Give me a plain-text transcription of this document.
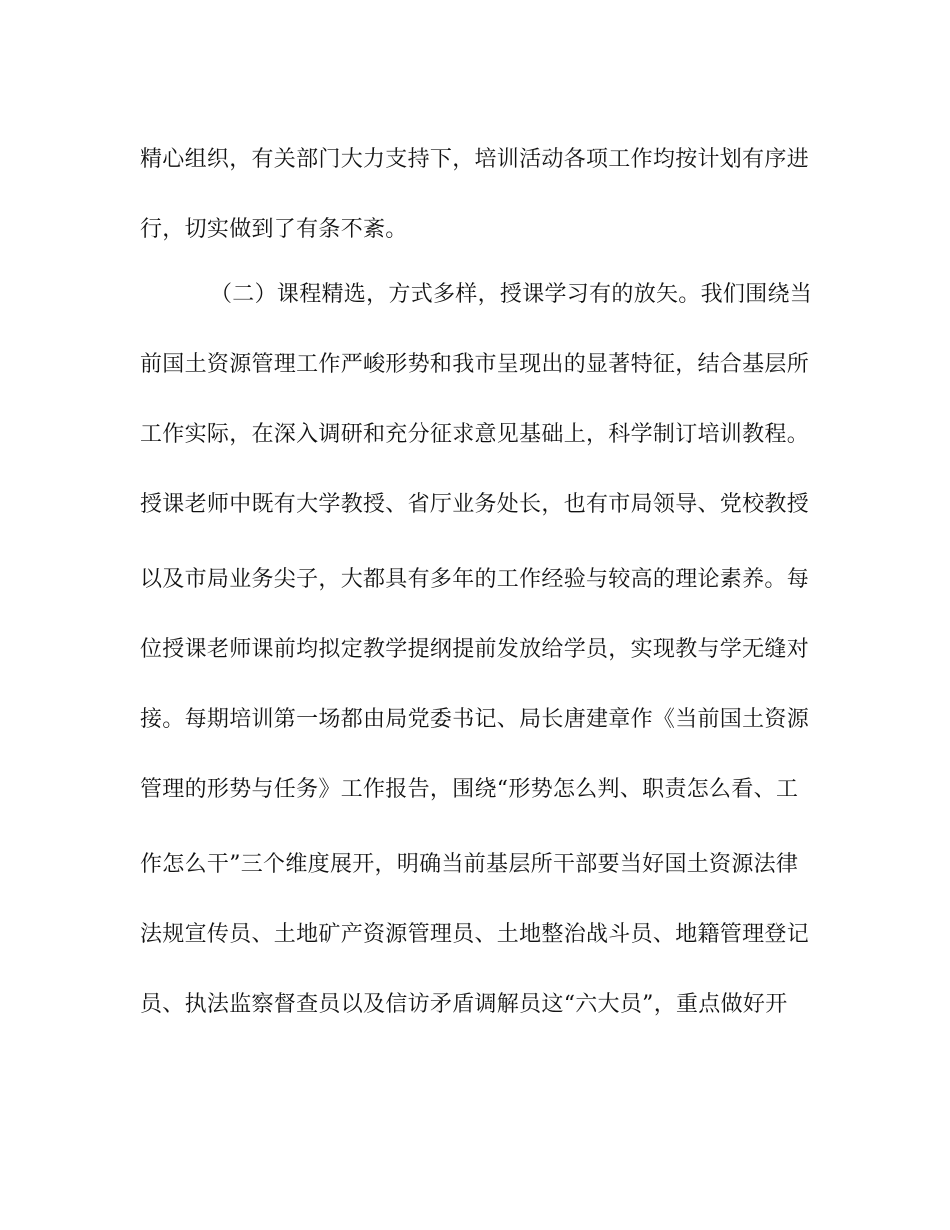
精心组织，有关部门大力支持下，培训活动各项工作均按计划有序进
行，切实做到了有条不紊。
（二）课程精选，方式多样，授课学习有的放矢。我们围绕当
前国土资源管理工作严峻形势和我市呈现出的显著特征，结合基层所
工作实际，在深入调研和充分征求意见基础上，科学制订培训教程。
授课老师中既有大学教授、省厅业务处长，也有市局领导、党校教授
以及市局业务尖子，大都具有多年的工作经验与较高的理论素养。每
位授课老师课前均拟定教学提纲提前发放给学员，实现教与学无缝对
接。每期培训第一场都由局党委书记、局长唐建章作《当前国土资源
管理的形势与任务》工作报告，围绕“形势怎么判、职责怎么看、工
作怎么干”三个维度展开，明确当前基层所干部要当好国土资源法律
法规宣传员、土地矿产资源管理员、土地整治战斗员、地籍管理登记
员、执法监察督查员以及信访矛盾调解员这“六大员”，重点做好开
